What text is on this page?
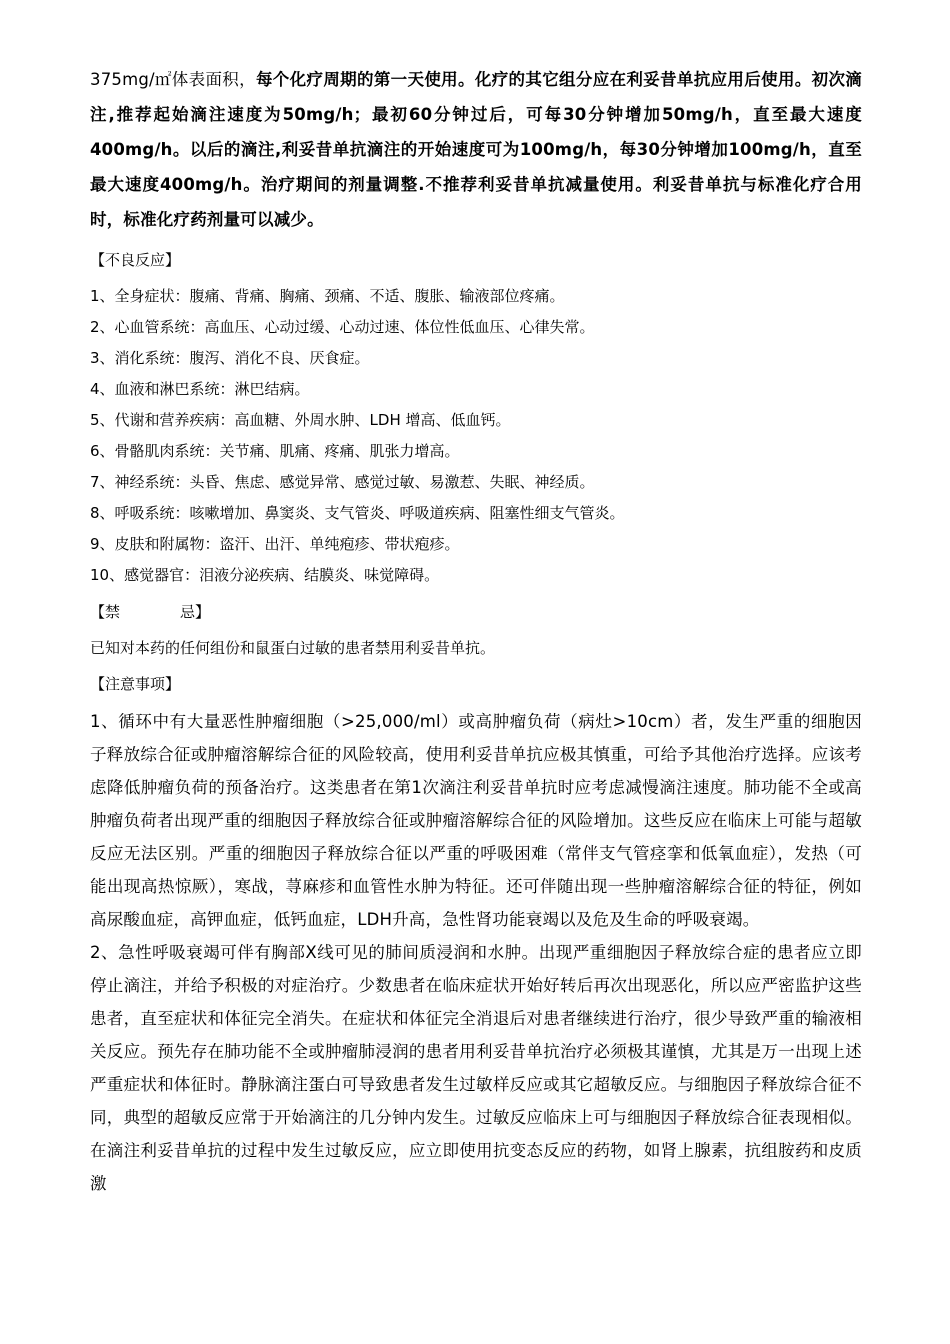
375mg/㎡体表面积，每个化疗周期的第一天使用。化疗的其它组分应在利妥昔单抗应用后使用。初次滴注,推荐起始滴注速度为50mg/h；最初60分钟过后，可每30分钟增加50mg/h，直至最大速度400mg/h。以后的滴注,利妥昔单抗滴注的开始速度可为100mg/h，每30分钟增加100mg/h，直至最大速度400mg/h。治疗期间的剂量调整.不推荐利妥昔单抗减量使用。利妥昔单抗与标准化疗合用时，标准化疗药剂量可以减少。

【不良反应】
1、全身症状：腹痛、背痛、胸痛、颈痛、不适、腹胀、输液部位疼痛。
2、心血管系统：高血压、心动过缓、心动过速、体位性低血压、心律失常。
3、消化系统：腹泻、消化不良、厌食症。
4、血液和淋巴系统：淋巴结病。
5、代谢和营养疾病：高血糖、外周水肿、LDH 增高、低血钙。
6、骨骼肌肉系统：关节痛、肌痛、疼痛、肌张力增高。
7、神经系统：头昏、焦虑、感觉异常、感觉过敏、易激惹、失眠、神经质。
8、呼吸系统：咳嗽增加、鼻窦炎、支气管炎、呼吸道疾病、阻塞性细支气管炎。
9、皮肤和附属物：盗汗、出汗、单纯疱疹、带状疱疹。
10、感觉器官：泪液分泌疾病、结膜炎、味觉障碍。
【禁　　　　忌】

已知对本药的任何组份和鼠蛋白过敏的患者禁用利妥昔单抗。

【注意事项】

1、循环中有大量恶性肿瘤细胞（>25,000/ml）或高肿瘤负荷（病灶>10cm）者，发生严重的细胞因子释放综合征或肿瘤溶解综合征的风险较高，使用利妥昔单抗应极其慎重，可给予其他治疗选择。应该考虑降低肿瘤负荷的预备治疗。这类患者在第1次滴注利妥昔单抗时应考虑减慢滴注速度。肺功能不全或高肿瘤负荷者出现严重的细胞因子释放综合征或肿瘤溶解综合征的风险增加。这些反应在临床上可能与超敏反应无法区别。严重的细胞因子释放综合征以严重的呼吸困难（常伴支气管痉挛和低氧血症），发热（可能出现高热惊厥），寒战，荨麻疹和血管性水肿为特征。还可伴随出现一些肿瘤溶解综合征的特征，例如高尿酸血症，高钾血症，低钙血症，LDH升高，急性肾功能衰竭以及危及生命的呼吸衰竭。

2、急性呼吸衰竭可伴有胸部X线可见的肺间质浸润和水肿。出现严重细胞因子释放综合症的患者应立即停止滴注，并给予积极的对症治疗。少数患者在临床症状开始好转后再次出现恶化，所以应严密监护这些患者，直至症状和体征完全消失。在症状和体征完全消退后对患者继续进行治疗，很少导致严重的输液相关反应。预先存在肺功能不全或肿瘤肺浸润的患者用利妥昔单抗治疗必须极其谨慎，尤其是万一出现上述严重症状和体征时。静脉滴注蛋白可导致患者发生过敏样反应或其它超敏反应。与细胞因子释放综合征不同，典型的超敏反应常于开始滴注的几分钟内发生。过敏反应临床上可与细胞因子释放综合征表现相似。在滴注利妥昔单抗的过程中发生过敏反应，应立即使用抗变态反应的药物，如肾上腺素，抗组胺药和皮质激
